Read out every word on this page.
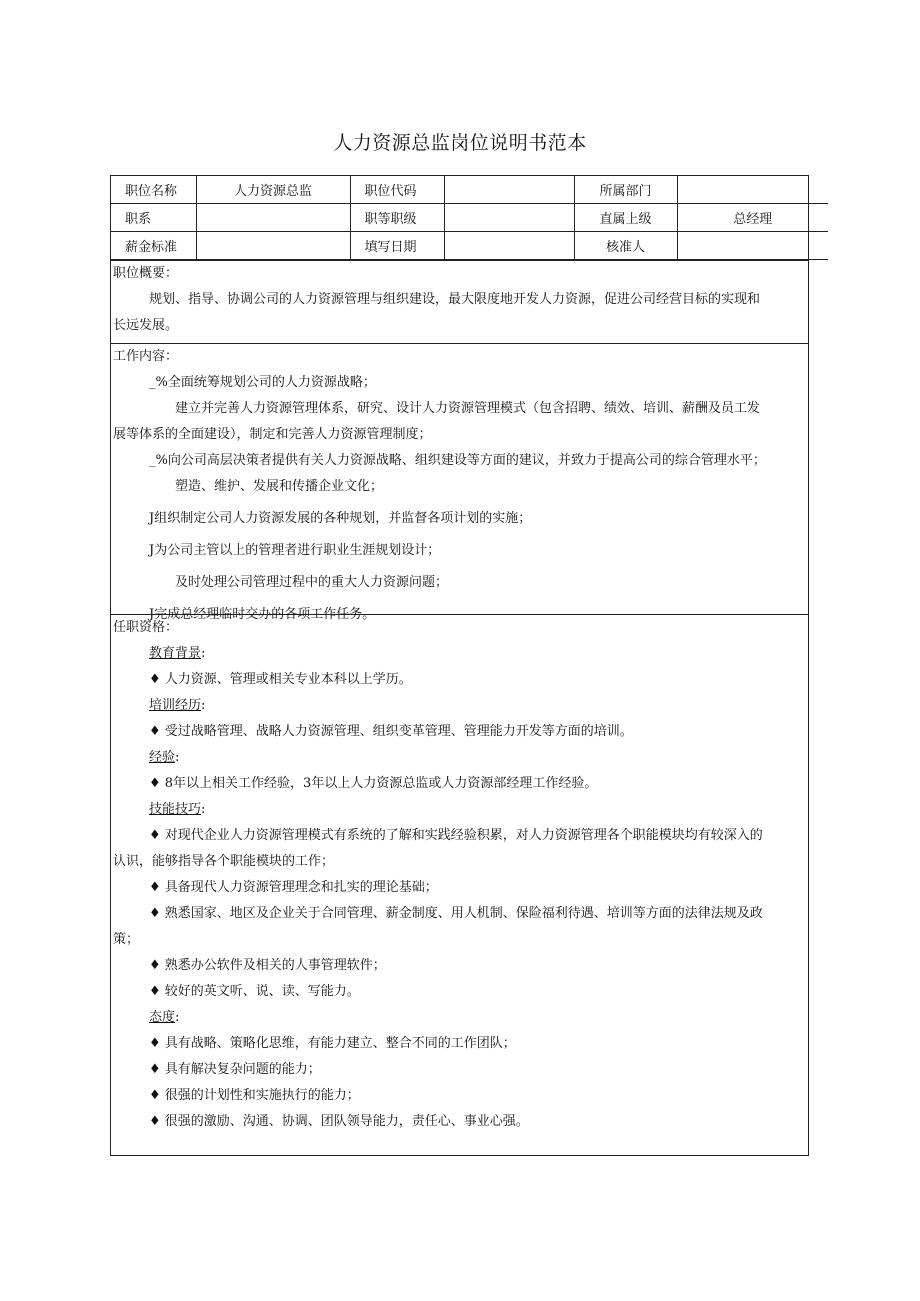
人力资源总监岗位说明书范本
职位名称	人力资源总监	职位代码		所属部门	
职系		职等职级		直属上级	总经理
薪金标准		填写日期		核准人	

职位概要：

规划、指导、协调公司的人力资源管理与组织建设，最大限度地开发人力资源，促进公司经营目标的实现和

长远发展。

工作内容：

_%全面统筹规划公司的人力资源战略；

建立并完善人力资源管理体系，研究、设计人力资源管理模式（包含招聘、绩效、培训、薪酬及员工发

展等体系的全面建设），制定和完善人力资源管理制度；

_%向公司高层决策者提供有关人力资源战略、组织建设等方面的建议，并致力于提高公司的综合管理水平；

塑造、维护、发展和传播企业文化；

J组织制定公司人力资源发展的各种规划，并监督各项计划的实施；

J为公司主管以上的管理者进行职业生涯规划设计；

及时处理公司管理过程中的重大人力资源问题；

J完成总经理临时交办的各项工作任务。

任职资格：

教育背景:

♦ 人力资源、管理或相关专业本科以上学历。

培训经历:

♦ 受过战略管理、战略人力资源管理、组织变革管理、管理能力开发等方面的培训。

经验:

♦ 8年以上相关工作经验，3年以上人力资源总监或人力资源部经理工作经验。

技能技巧:

♦ 对现代企业人力资源管理模式有系统的了解和实践经验积累，对人力资源管理各个职能模块均有较深入的

认识，能够指导各个职能模块的工作；

♦ 具备现代人力资源管理理念和扎实的理论基础；

♦ 熟悉国家、地区及企业关于合同管理、薪金制度、用人机制、保险福利待遇、培训等方面的法律法规及政

策；

♦ 熟悉办公软件及相关的人事管理软件；

♦ 较好的英文听、说、读、写能力。

态度:

♦ 具有战略、策略化思维，有能力建立、整合不同的工作团队；

♦ 具有解决复杂问题的能力；

♦ 很强的计划性和实施执行的能力；

♦ 很强的激励、沟通、协调、团队领导能力，责任心、事业心强。
